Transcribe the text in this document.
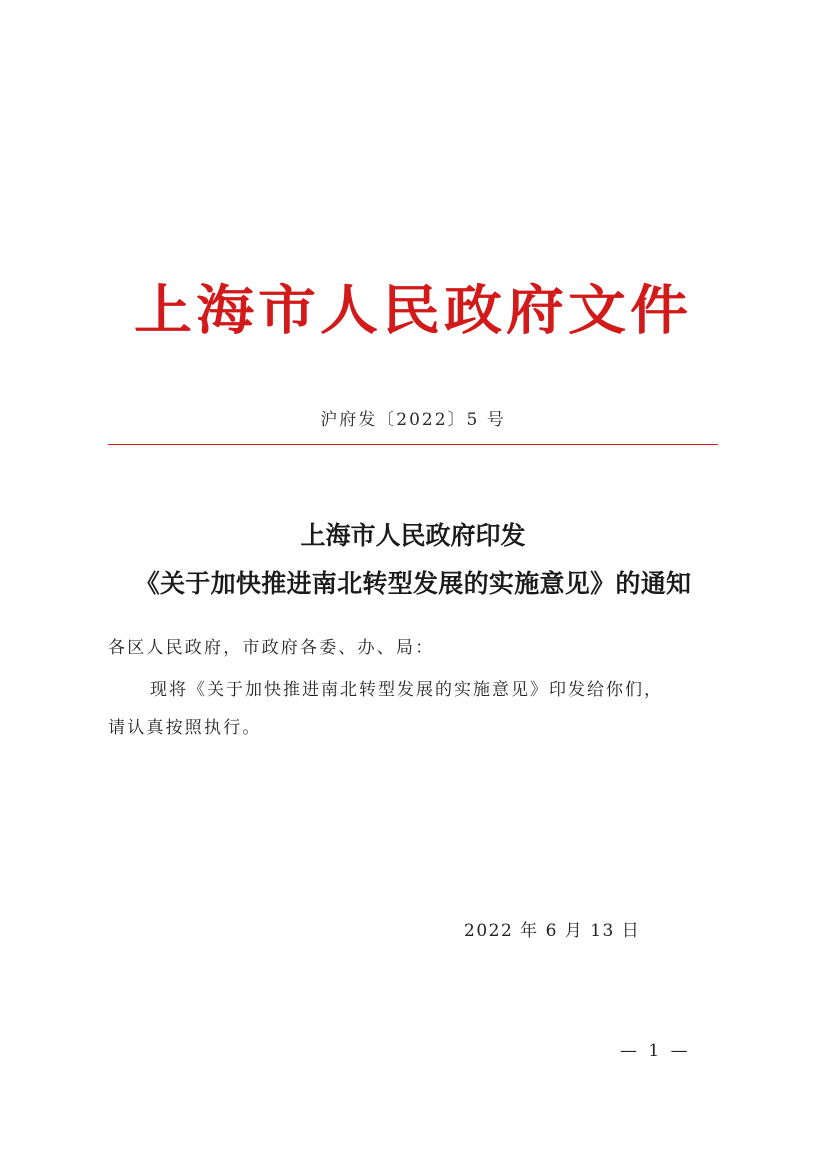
上海市人民政府文件
沪府发〔2022〕5 号
上海市人民政府印发
《关于加快推进南北转型发展的实施意见》的通知
各区人民政府，市政府各委、办、局：
现将《关于加快推进南北转型发展的实施意见》印发给你们，
请认真按照执行。
2022 年 6 月 13 日
— 1 —
